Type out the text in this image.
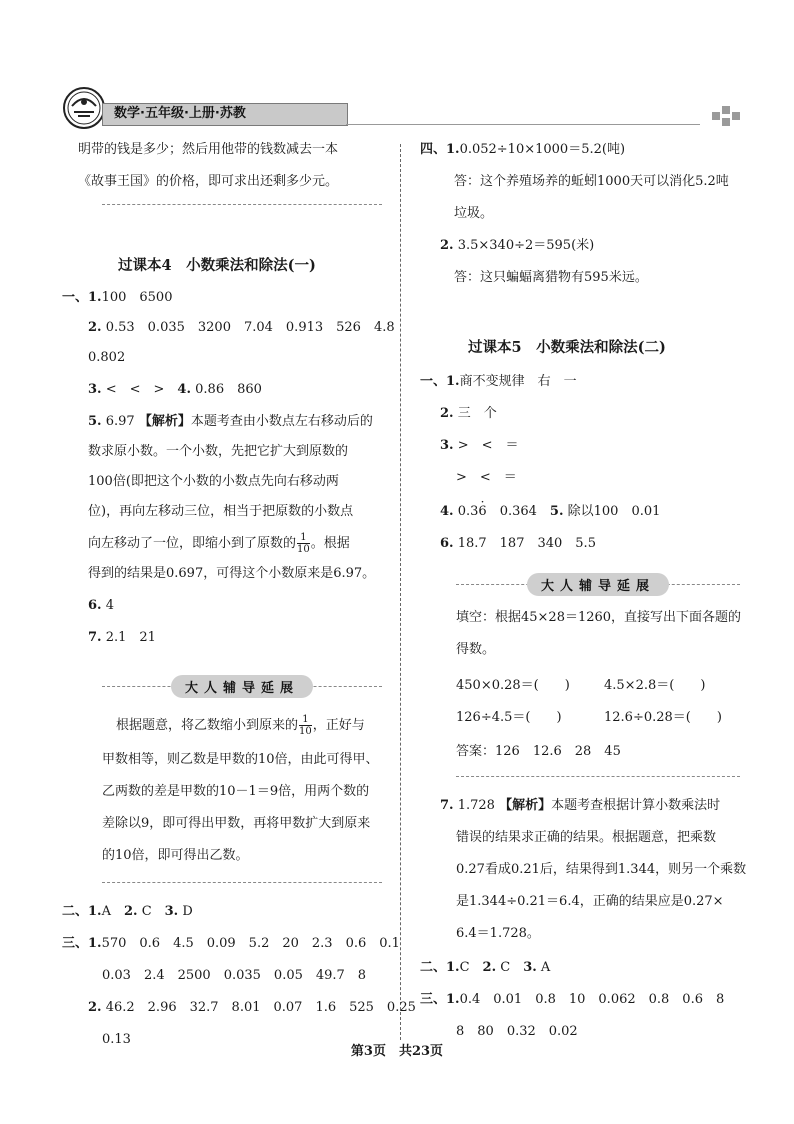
数学·五年级·上册·苏教
明带的钱是多少；然后用他带的钱数减去一本
《故事王国》的价格，即可求出还剩多少元。
过课本4　小数乘法和除法(一)
一、1.100　6500
2. 0.53　0.035　3200　7.04　0.913　526　4.8
0.802
3. <　<　>　 4. 0.86　860
5. 6.97 【解析】本题考查由小数点左右移动后的
数求原小数。一个小数，先把它扩大到原数的
100倍(即把这个小数的小数点先向右移动两
位)，再向左移动三位，相当于把原数的小数点
向左移动了一位，即缩小到了原数的 $\frac{1}{10}$ 。根据
得到的结果是0.697，可得这个小数原来是6.97。
6. 4
7. 2.1　21
大人辅导延展
根据题意，将乙数缩小到原来的 $\frac{1}{10}$ ，正好与
甲数相等，则乙数是甲数的10倍，由此可得甲、
乙两数的差是甲数的10－1＝9倍，用两个数的
差除以9，即可得出甲数，再将甲数扩大到原来
的10倍，即可得出乙数。
二、1.A　2. C　3. D
三、1.570　0.6　4.5　0.09　5.2　20　2.3　0.6　0.1
0.03　2.4　2500　0.035　0.05　49.7　8
2. 46.2　2.96　32.7　8.01　0.07　1.6　525　0.25
0.13
四、1.0.052÷10×1000＝5.2(吨)
答：这个养殖场养的蚯蚓1000天可以消化5.2吨
垃圾。
2. 3.5×340÷2＝595(米)
答：这只蝙蝠离猎物有595米远。
过课本5　小数乘法和除法(二)
一、1.商不变规律　右　一
2. 三　个
3. >　<　＝
>　<　＝
4. 0.36 ·　0.364　5. 除以100　0.01
6. 18.7　187　340　5.5
大人辅导延展
填空：根据45×28＝1260，直接写出下面各题的
得数。
450×0.28＝(　　)	4.5×2.8＝(　　)
126÷4.5＝(　　)	12.6÷0.28＝(　　)
答案：126　12.6　28　45
7. 1.728 【解析】本题考查根据计算小数乘法时
错误的结果求正确的结果。根据题意，把乘数
0.27看成0.21后，结果得到1.344，则另一个乘数
是1.344÷0.21＝6.4，正确的结果应是0.27×
6.4＝1.728。
二、1.C　2. C　3. A
三、1.0.4　0.01　0.8　10　0.062　0.8　0.6　8
8　80　0.32　0.02
第3页　共23页
